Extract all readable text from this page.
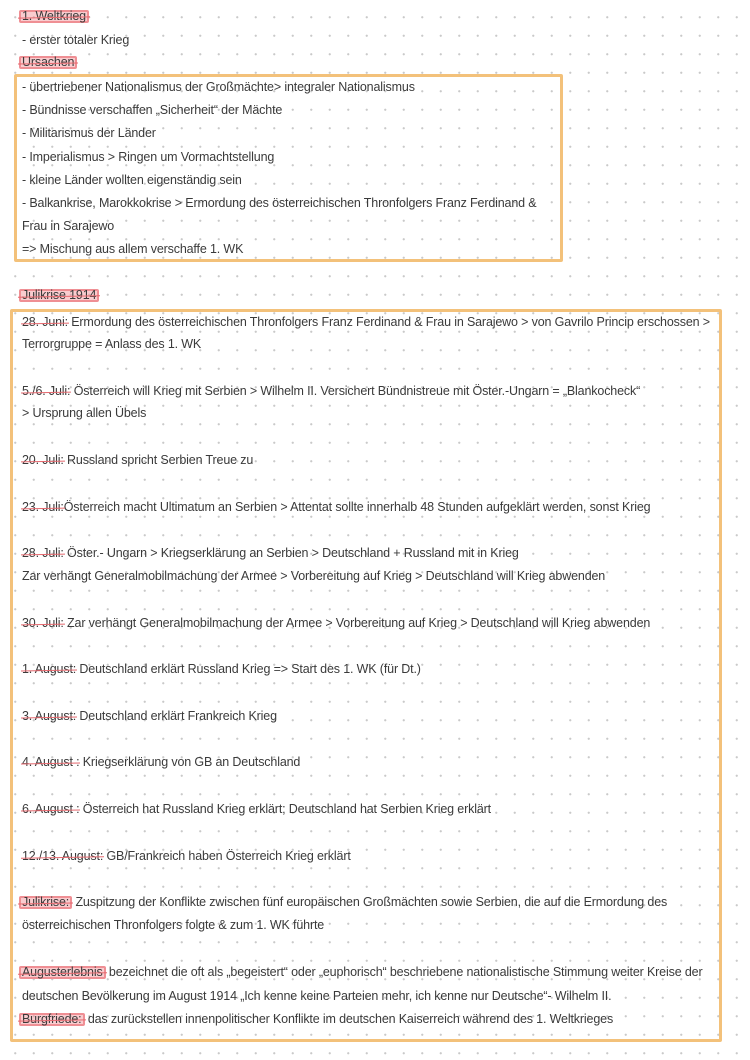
1. Weltkrieg
- erster totaler Krieg
Ursachen
- übertriebener Nationalismus der Großmächte> integraler Nationalismus
- Bündnisse verschaffen „Sicherheit“ der Mächte
- Militarismus der Länder
- Imperialismus > Ringen um Vormachtstellung
- kleine Länder wollten eigenständig sein
- Balkankrise, Marokkokrise > Ermordung des österreichischen Thronfolgers Franz Ferdinand &
Frau in Sarajewo
=> Mischung aus allem verschaffe 1. WK
Julikrise 1914
28. Juni: Ermordung des österreichischen Thronfolgers Franz Ferdinand & Frau in Sarajewo > von Gavrilo Princip erschossen >
Terrorgruppe = Anlass des 1. WK
5./6. Juli: Österreich will Krieg mit Serbien > Wilhelm II. Versichert Bündnistreue mit Öster.-Ungarn = „Blankocheck“
> Ursprung allen Übels
20. Juli: Russland spricht Serbien Treue zu
23. Juli:Österreich macht Ultimatum an Serbien > Attentat sollte innerhalb 48 Stunden aufgeklärt werden, sonst Krieg
28. Juli: Öster.- Ungarn > Kriegserklärung an Serbien > Deutschland + Russland mit in Krieg
Zar verhängt Generalmobilmachung der Armee > Vorbereitung auf Krieg > Deutschland will Krieg abwenden
30. Juli: Zar verhängt Generalmobilmachung der Armee > Vorbereitung auf Krieg > Deutschland will Krieg abwenden
1. August: Deutschland erklärt Russland Krieg => Start des 1. WK (für Dt.)
3. August: Deutschland erklärt Frankreich Krieg
4. August : Kriegserklärung von GB an Deutschland
6. August : Österreich hat Russland Krieg erklärt; Deutschland hat Serbien Krieg erklärt
12./13. August: GB/Frankreich haben Österreich Krieg erklärt
Julikrise: Zuspitzung der Konflikte zwischen fünf europäischen Großmächten sowie Serbien, die auf die Ermordung des
österreichischen Thronfolgers folgte & zum 1. WK führte
Augusterlebnis bezeichnet die oft als „begeistert“ oder „euphorisch“ beschriebene nationalistische Stimmung weiter Kreise der
deutschen Bevölkerung im August 1914 „Ich kenne keine Parteien mehr, ich kenne nur Deutsche“- Wilhelm II.
Burgfriede: das zurückstellen innenpolitischer Konflikte im deutschen Kaiserreich während des 1. Weltkrieges
